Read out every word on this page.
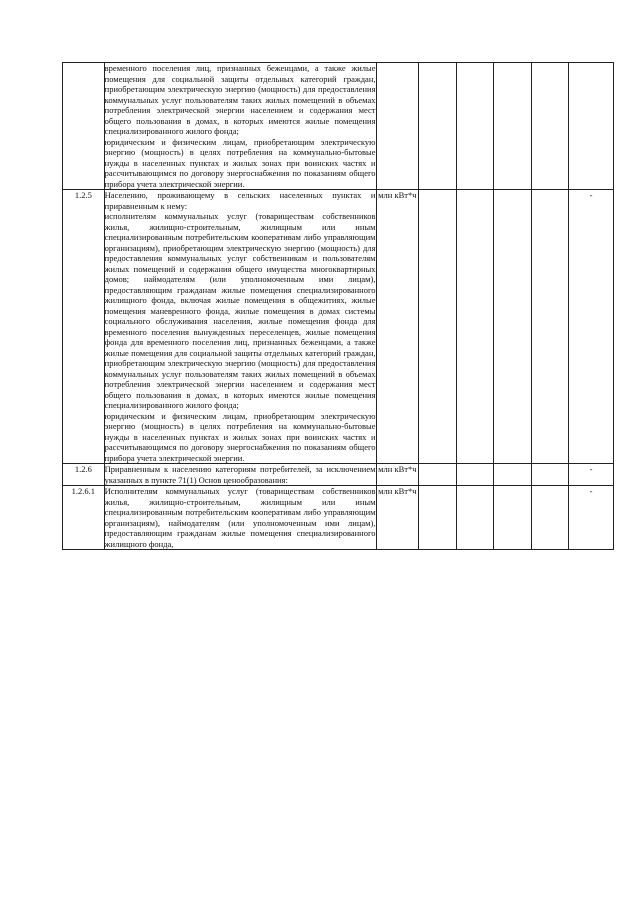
	временного поселения лиц, признанных беженцами, а также жилые помещения для социальной защиты отдельных категорий граждан, приобретающим электрическую энергию (мощность) для предоставления коммунальных услуг пользователям таких жилых помещений в объемах потребления электрической энергии населением и содержания мест общего пользования в домах, в которых имеются жилые помещения специализированного жилого фонда;
юридическим и физическим лицам, приобретающим электрическую энергию (мощность) в целях потребления на коммунально-бытовые нужды в населенных пунктах и жилых зонах при воинских частях и рассчитывающимся по договору энергоснабжения по показаниям общего прибора учета электрической энергии.						

1.2.5	Населению, проживающему в сельских населенных пунктах и приравненным к нему:
исполнителям коммунальных услуг (товариществам собственников жилья, жилищно-строительным, жилищным или иным специализированным потребительским кооперативам либо управляющим организациям), приобретающим электрическую энергию (мощность) для предоставления коммунальных услуг собственникам и пользователям жилых помещений и содержания общего имущества многоквартирных домов; наймодателям (или уполномоченным ими лицам), предоставляющим гражданам жилые помещения специализированного жилищного фонда, включая жилые помещения в общежитиях, жилые помещения маневренного фонда, жилые помещения в домах системы социального обслуживания населения, жилые помещения фонда для временного поселения вынужденных переселенцев, жилые помещения фонда для временного поселения лиц, признанных беженцами, а также жилые помещения для социальной защиты отдельных категорий граждан, приобретающим электрическую энергию (мощность) для предоставления коммунальных услуг пользователям таких жилых помещений в объемах потребления электрической энергии населением и содержания мест общего пользования в домах, в которых имеются жилые помещения специализированного жилого фонда;
юридическим и физическим лицам, приобретающим электрическую энергию (мощность) в целях потребления на коммунально-бытовые нужды в населенных пунктах и жилых зонах при воинских частях и рассчитывающимся по договору энергоснабжения по показаниям общего прибора учета электрической энергии.	млн кВт*ч					-
1.2.6	Приравненным к населению категориям потребителей, за исключением указанных в пункте 71(1) Основ ценообразования:	млн кВт*ч					-
1.2.6.1	Исполнителям коммунальных услуг (товариществам собственников жилья, жилищно-строительным, жилищным или иным специализированным потребительским кооперативам либо управляющим организациям), наймодателям (или уполномоченным ими лицам), предоставляющим гражданам жилые помещения специализированного жилищного фонда,	млн кВт*ч					-
